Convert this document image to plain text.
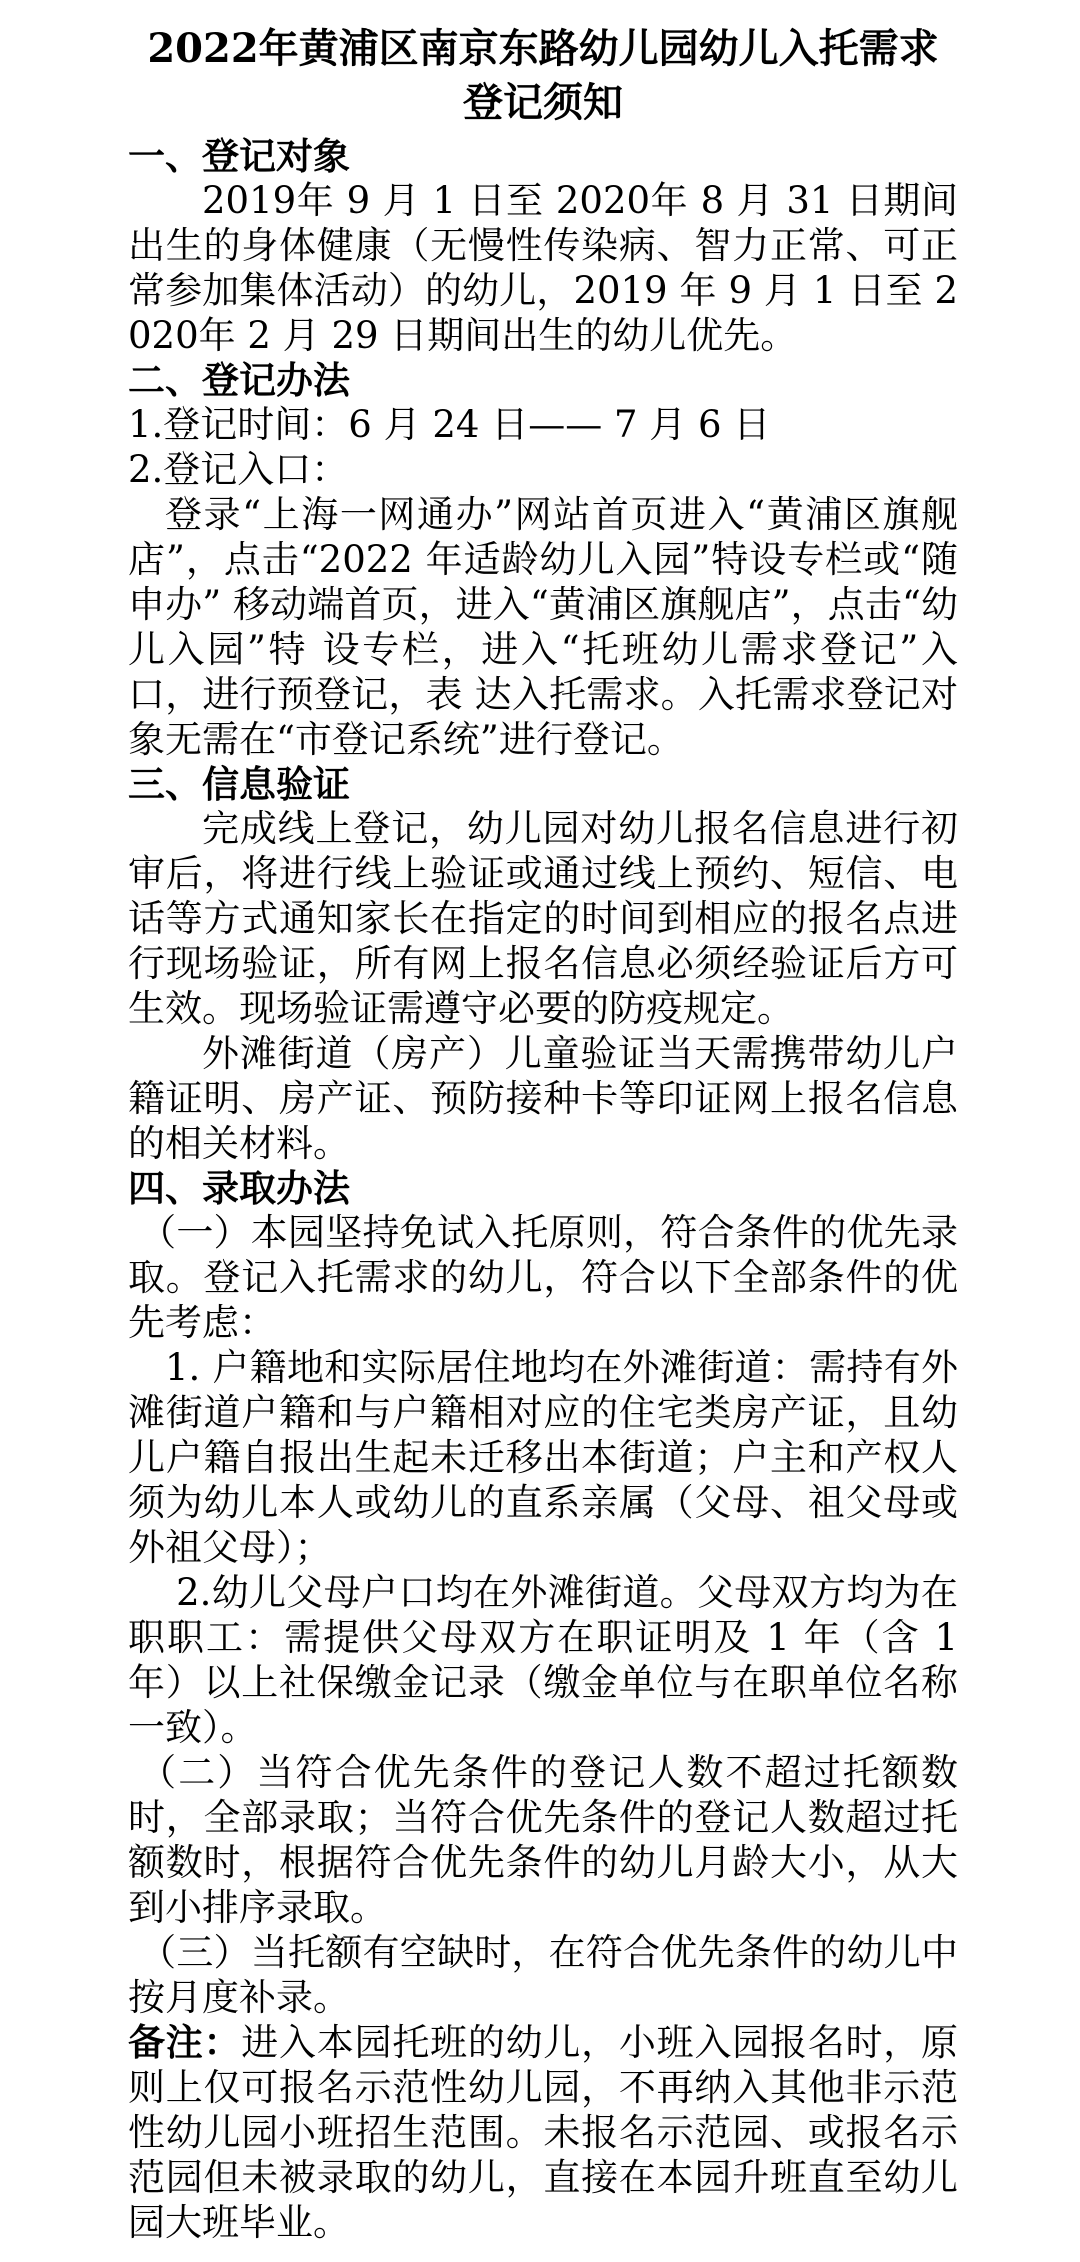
2022年黄浦区南京东路幼儿园幼儿入托需求登记须知
一、登记对象

2019年 9 月 1 日至 2020年 8 月 31 日期间出生的身体健康（无慢性传染病、智力正常、可正常参加集体活动）的幼儿，2019 年 9 月 1 日至 2020年 2 月 29 日期间出生的幼儿优先。

二、登记办法

1.登记时间：6 月 24 日—— 7 月 6 日

2.登记入口：

登录“上海一网通办”网站首页进入“黄浦区旗舰店”，点击“2022 年适龄幼儿入园”特设专栏或“随申办” 移动端首页，进入“黄浦区旗舰店”，点击“幼儿入园”特 设专栏，进入“托班幼儿需求登记”入口，进行预登记，表 达入托需求。入托需求登记对象无需在“市登记系统”进行登记。

三、信息验证

完成线上登记，幼儿园对幼儿报名信息进行初审后，将进行线上验证或通过线上预约、短信、电话等方式通知家长在指定的时间到相应的报名点进行现场验证，所有网上报名信息必须经验证后方可生效。现场验证需遵守必要的防疫规定。

外滩街道（房产）儿童验证当天需携带幼儿户籍证明、房产证、预防接种卡等印证网上报名信息的相关材料。

四、录取办法

（一）本园坚持免试入托原则，符合条件的优先录取。登记入托需求的幼儿，符合以下全部条件的优先考虑：

1. 户籍地和实际居住地均在外滩街道：需持有外滩街道户籍和与户籍相对应的住宅类房产证，且幼儿户籍自报出生起未迁移出本街道；户主和产权人须为幼儿本人或幼儿的直系亲属（父母、祖父母或外祖父母）；

2.幼儿父母户口均在外滩街道。父母双方均为在职职工：需提供父母双方在职证明及 1 年（含 1 年）以上社保缴金记录（缴金单位与在职单位名称一致）。

（二）当符合优先条件的登记人数不超过托额数时，全部录取；当符合优先条件的登记人数超过托额数时，根据符合优先条件的幼儿月龄大小，从大到小排序录取。

（三）当托额有空缺时，在符合优先条件的幼儿中按月度补录。

备注：进入本园托班的幼儿，小班入园报名时，原则上仅可报名示范性幼儿园，不再纳入其他非示范性幼儿园小班招生范围。未报名示范园、或报名示范园但未被录取的幼儿，直接在本园升班直至幼儿园大班毕业。
